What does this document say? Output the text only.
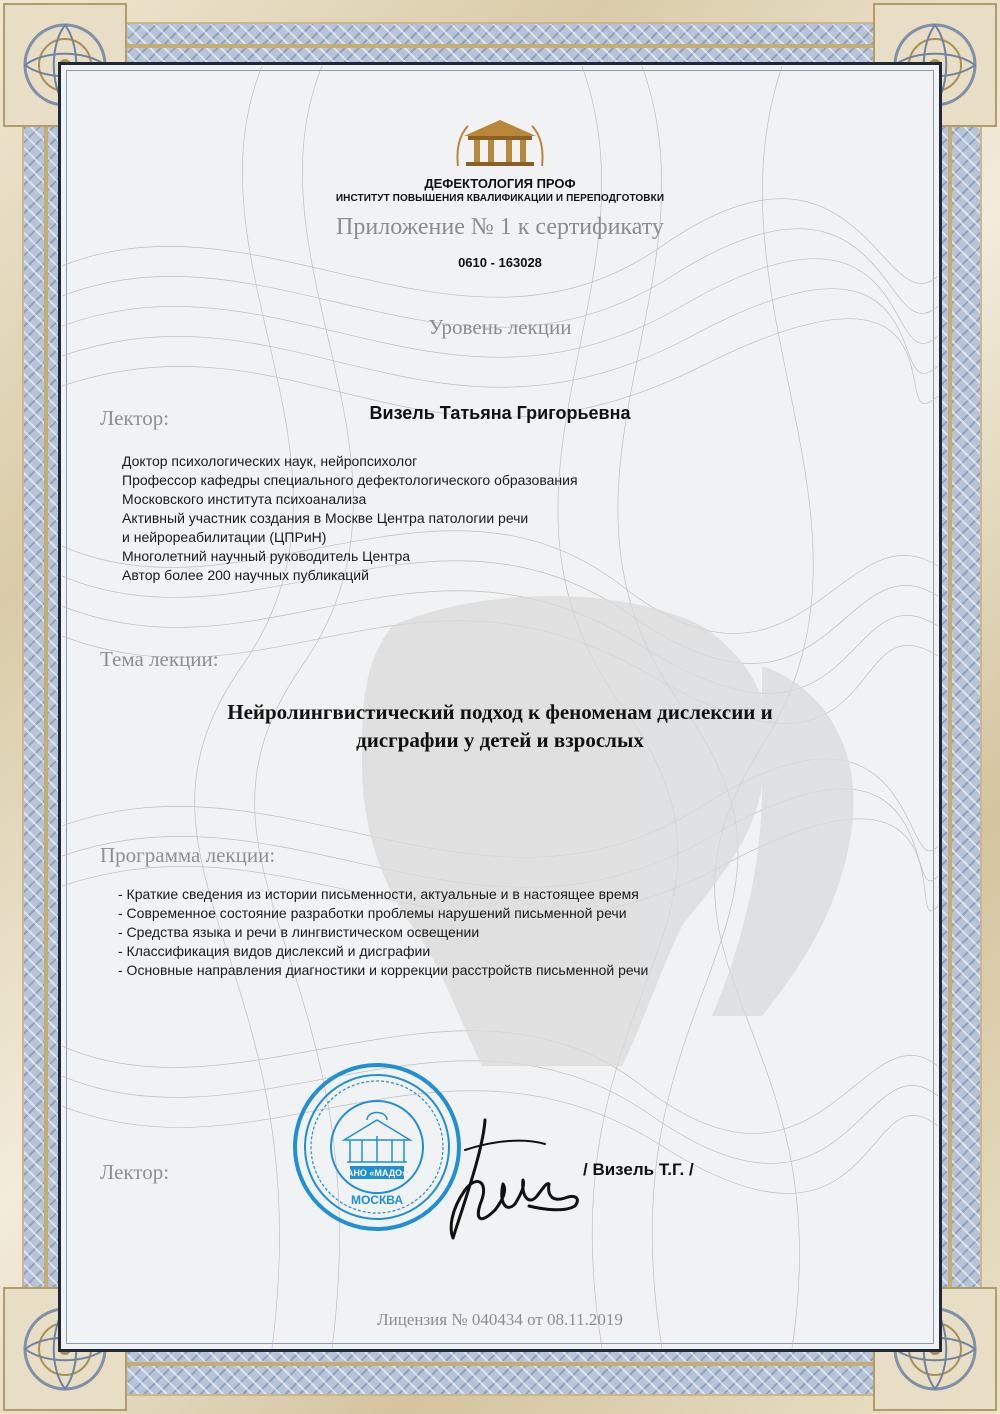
ДЕФЕКТОЛОГИЯ ПРОФ
ИНСТИТУТ ПОВЫШЕНИЯ КВАЛИФИКАЦИИ И ПЕРЕПОДГОТОВКИ
Приложение № 1 к сертификату
0610 - 163028
Уровень лекции
Лектор:	Визель Татьяна Григорьевна
Доктор психологических наук, нейропсихолог
Профессор кафедры специального дефектологического образования
Московского института психоанализа
Активный участник создания в Москве Центра патологии речи
и нейрореабилитации (ЦПРиН)
Многолетний научный руководитель Центра
Автор более 200 научных публикаций
Тема лекции:
Нейролингвистический подход к феноменам дислексии и
дисграфии у детей и взрослых
Программа лекции:
- Краткие сведения из истории письменности, актуальные и в настоящее время
- Современное состояние разработки проблемы нарушений письменной речи
- Средства языка и речи в лингвистическом освещении
- Классификация видов дислексий и дисграфии
- Основные направления диагностики и коррекции расстройств письменной речи
Лектор:	АНО «МАДО»
МОСКВА
/ Визель Т.Г. /
Лицензия № 040434 от 08.11.2019
